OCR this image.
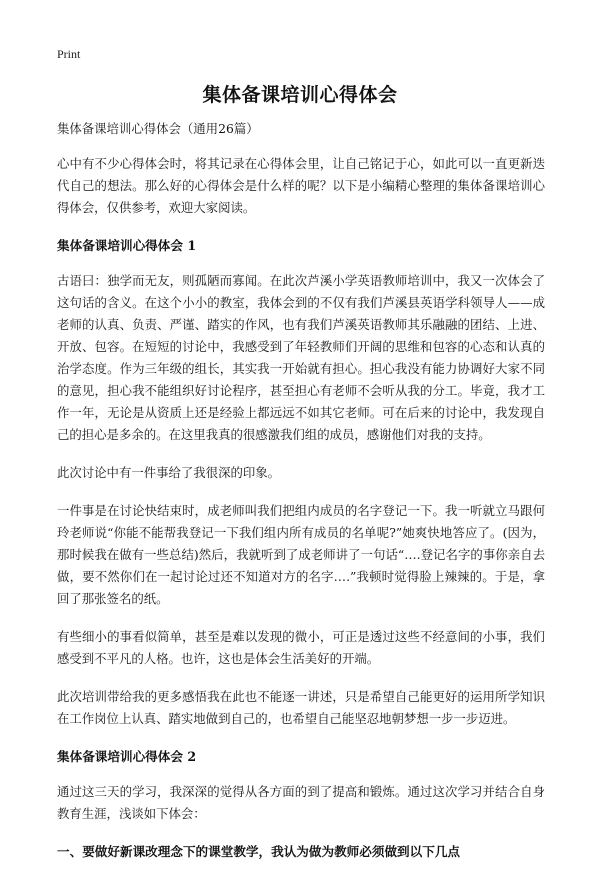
Print
集体备课培训心得体会

集体备课培训心得体会（通用26篇）

心中有不少心得体会时，将其记录在心得体会里，让自己铭记于心，如此可以一直更新迭代自己的想法。那么好的心得体会是什么样的呢？以下是小编精心整理的集体备课培训心得体会，仅供参考，欢迎大家阅读。

集体备课培训心得体会 1

古语曰：独学而无友，则孤陋而寡闻。在此次芦溪小学英语教师培训中，我又一次体会了这句话的含义。在这个小小的教室，我体会到的不仅有我们芦溪县英语学科领导人——成老师的认真、负责、严谨、踏实的作风，也有我们芦溪英语教师其乐融融的团结、上进、开放、包容。在短短的讨论中，我感受到了年轻教师们开阔的思维和包容的心态和认真的治学态度。作为三年级的组长，其实我一开始就有担心。担心我没有能力协调好大家不同的意见，担心我不能组织好讨论程序，甚至担心有老师不会听从我的分工。毕竟，我才工作一年，无论是从资质上还是经验上都远远不如其它老师。可在后来的讨论中，我发现自己的担心是多余的。在这里我真的很感激我们组的成员，感谢他们对我的支持。

此次讨论中有一件事给了我很深的印象。

一件事是在讨论快结束时，成老师叫我们把组内成员的名字登记一下。我一听就立马跟何玲老师说“你能不能帮我登记一下我们组内所有成员的名单呢?”她爽快地答应了。(因为，那时候我在做有一些总结)然后，我就听到了成老师讲了一句话“….登记名字的事你亲自去做，要不然你们在一起讨论过还不知道对方的名字….”我顿时觉得脸上辣辣的。于是，拿回了那张签名的纸。

有些细小的事看似简单，甚至是难以发现的微小，可正是透过这些不经意间的小事，我们感受到不平凡的人格。也许，这也是体会生活美好的开端。

此次培训带给我的更多感悟我在此也不能逐一讲述，只是希望自己能更好的运用所学知识在工作岗位上认真、踏实地做到自己的，也希望自己能坚忍地朝梦想一步一步迈进。

集体备课培训心得体会 2

通过这三天的学习，我深深的觉得从各方面的到了提高和锻炼。通过这次学习并结合自身教育生涯，浅谈如下体会：

一、要做好新课改理念下的课堂教学，我认为做为教师必须做到以下几点
